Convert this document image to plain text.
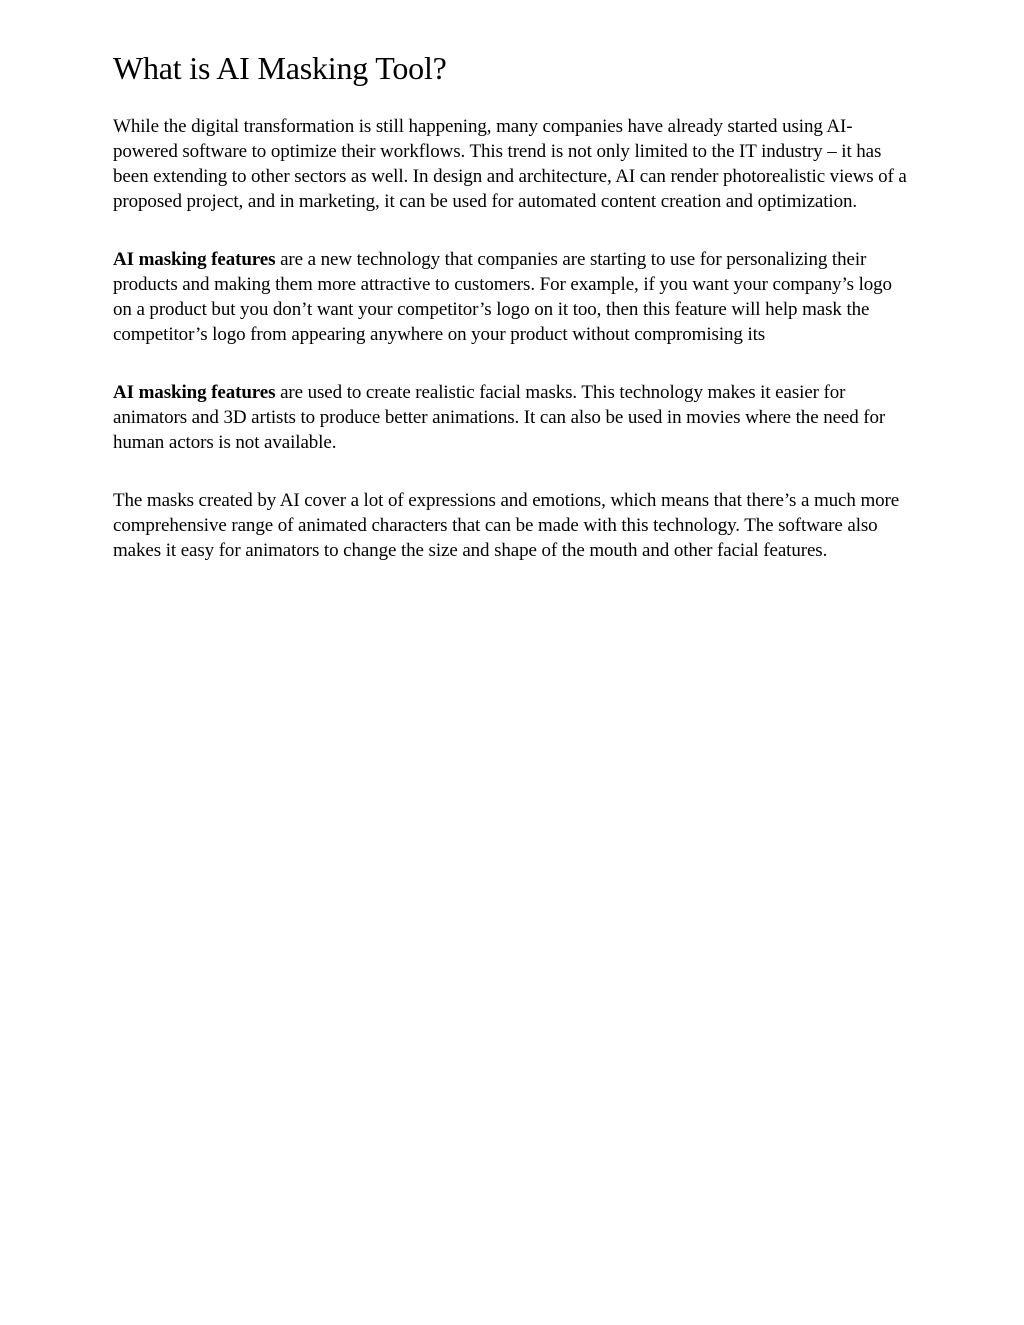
What is AI Masking Tool?

While the digital transformation is still happening, many companies have already started using AI-powered software to optimize their workflows. This trend is not only limited to the IT industry – it has been extending to other sectors as well. In design and architecture, AI can render photorealistic views of a proposed project, and in marketing, it can be used for automated content creation and optimization.

AI masking features are a new technology that companies are starting to use for personalizing their products and making them more attractive to customers. For example, if you want your company’s logo on a product but you don’t want your competitor’s logo on it too, then this feature will help mask the competitor’s logo from appearing anywhere on your product without compromising its

AI masking features are used to create realistic facial masks. This technology makes it easier for animators and 3D artists to produce better animations. It can also be used in movies where the need for human actors is not available.

The masks created by AI cover a lot of expressions and emotions, which means that there’s a much more comprehensive range of animated characters that can be made with this technology. The software also makes it easy for animators to change the size and shape of the mouth and other facial features.
